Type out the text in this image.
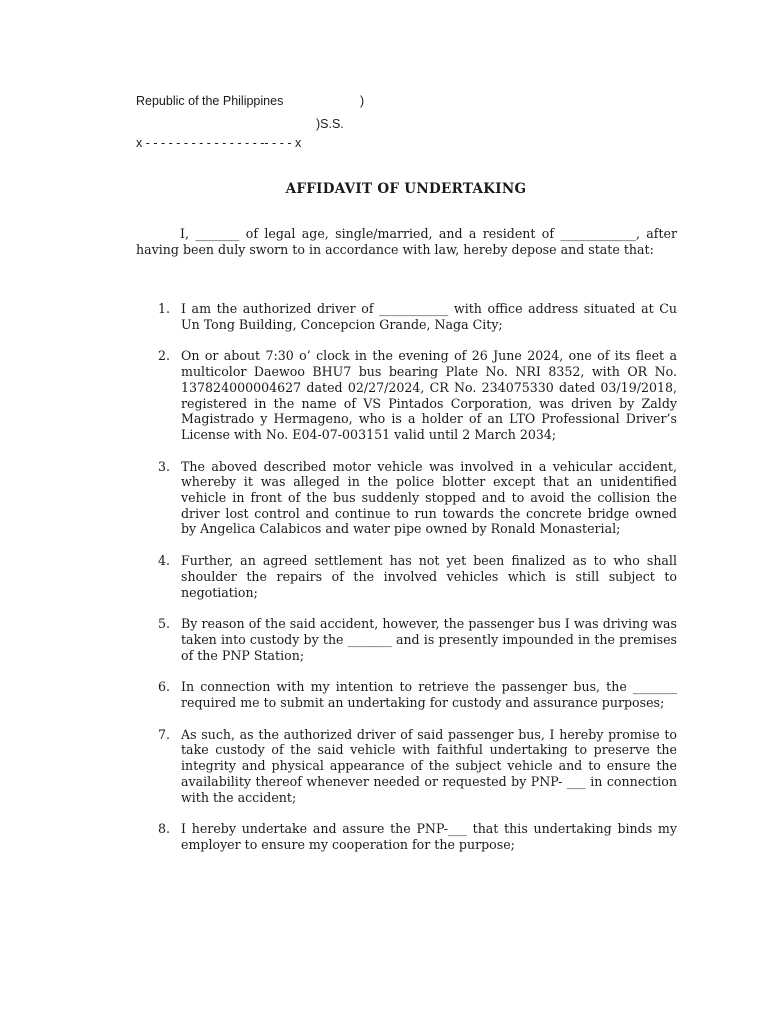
Republic of the Philippines	)
)S.S.
x - - - - - - - - - - - - - - - -- - - - x
AFFIDAVIT OF UNDERTAKING

I, _______ of legal age, single/married, and a resident of ____________, after having been duly sworn to in accordance with law, hereby depose and state that:

1. I am the authorized driver of ___________ with office address situated at Cu Un Tong Building, Concepcion Grande, Naga City;
2. On or about 7:30 o’ clock in the evening of 26 June 2024, one of its fleet a multicolor Daewoo BHU7 bus bearing Plate No. NRI 8352, with OR No. 137824000004627 dated 02/27/2024, CR No. 234075330 dated 03/19/2018, registered in the name of VS Pintados Corporation, was driven by Zaldy Magistrado y Hermageno, who is a holder of an LTO Professional Driver’s License with No. E04-07-003151 valid until 2 March 2034;
3. The aboved described motor vehicle was involved in a vehicular accident, whereby it was alleged in the police blotter except that an unidentified vehicle in front of the bus suddenly stopped and to avoid the collision the driver lost control and continue to run towards the concrete bridge owned by Angelica Calabicos and water pipe owned by Ronald Monasterial;
4. Further, an agreed settlement has not yet been finalized as to who shall shoulder the repairs of the involved vehicles which is still subject to negotiation;
5. By reason of the said accident, however, the passenger bus I was driving was taken into custody by the _______ and is presently impounded in the premises of the PNP Station;
6. In connection with my intention to retrieve the passenger bus, the _______ required me to submit an undertaking for custody and assurance purposes;
7. As such, as the authorized driver of said passenger bus, I hereby promise to take custody of the said vehicle with faithful undertaking to preserve the integrity and physical appearance of the subject vehicle and to ensure the availability thereof whenever needed or requested by PNP- ___ in connection with the accident;
8. I hereby undertake and assure the PNP-___ that this undertaking binds my employer to ensure my cooperation for the purpose;
